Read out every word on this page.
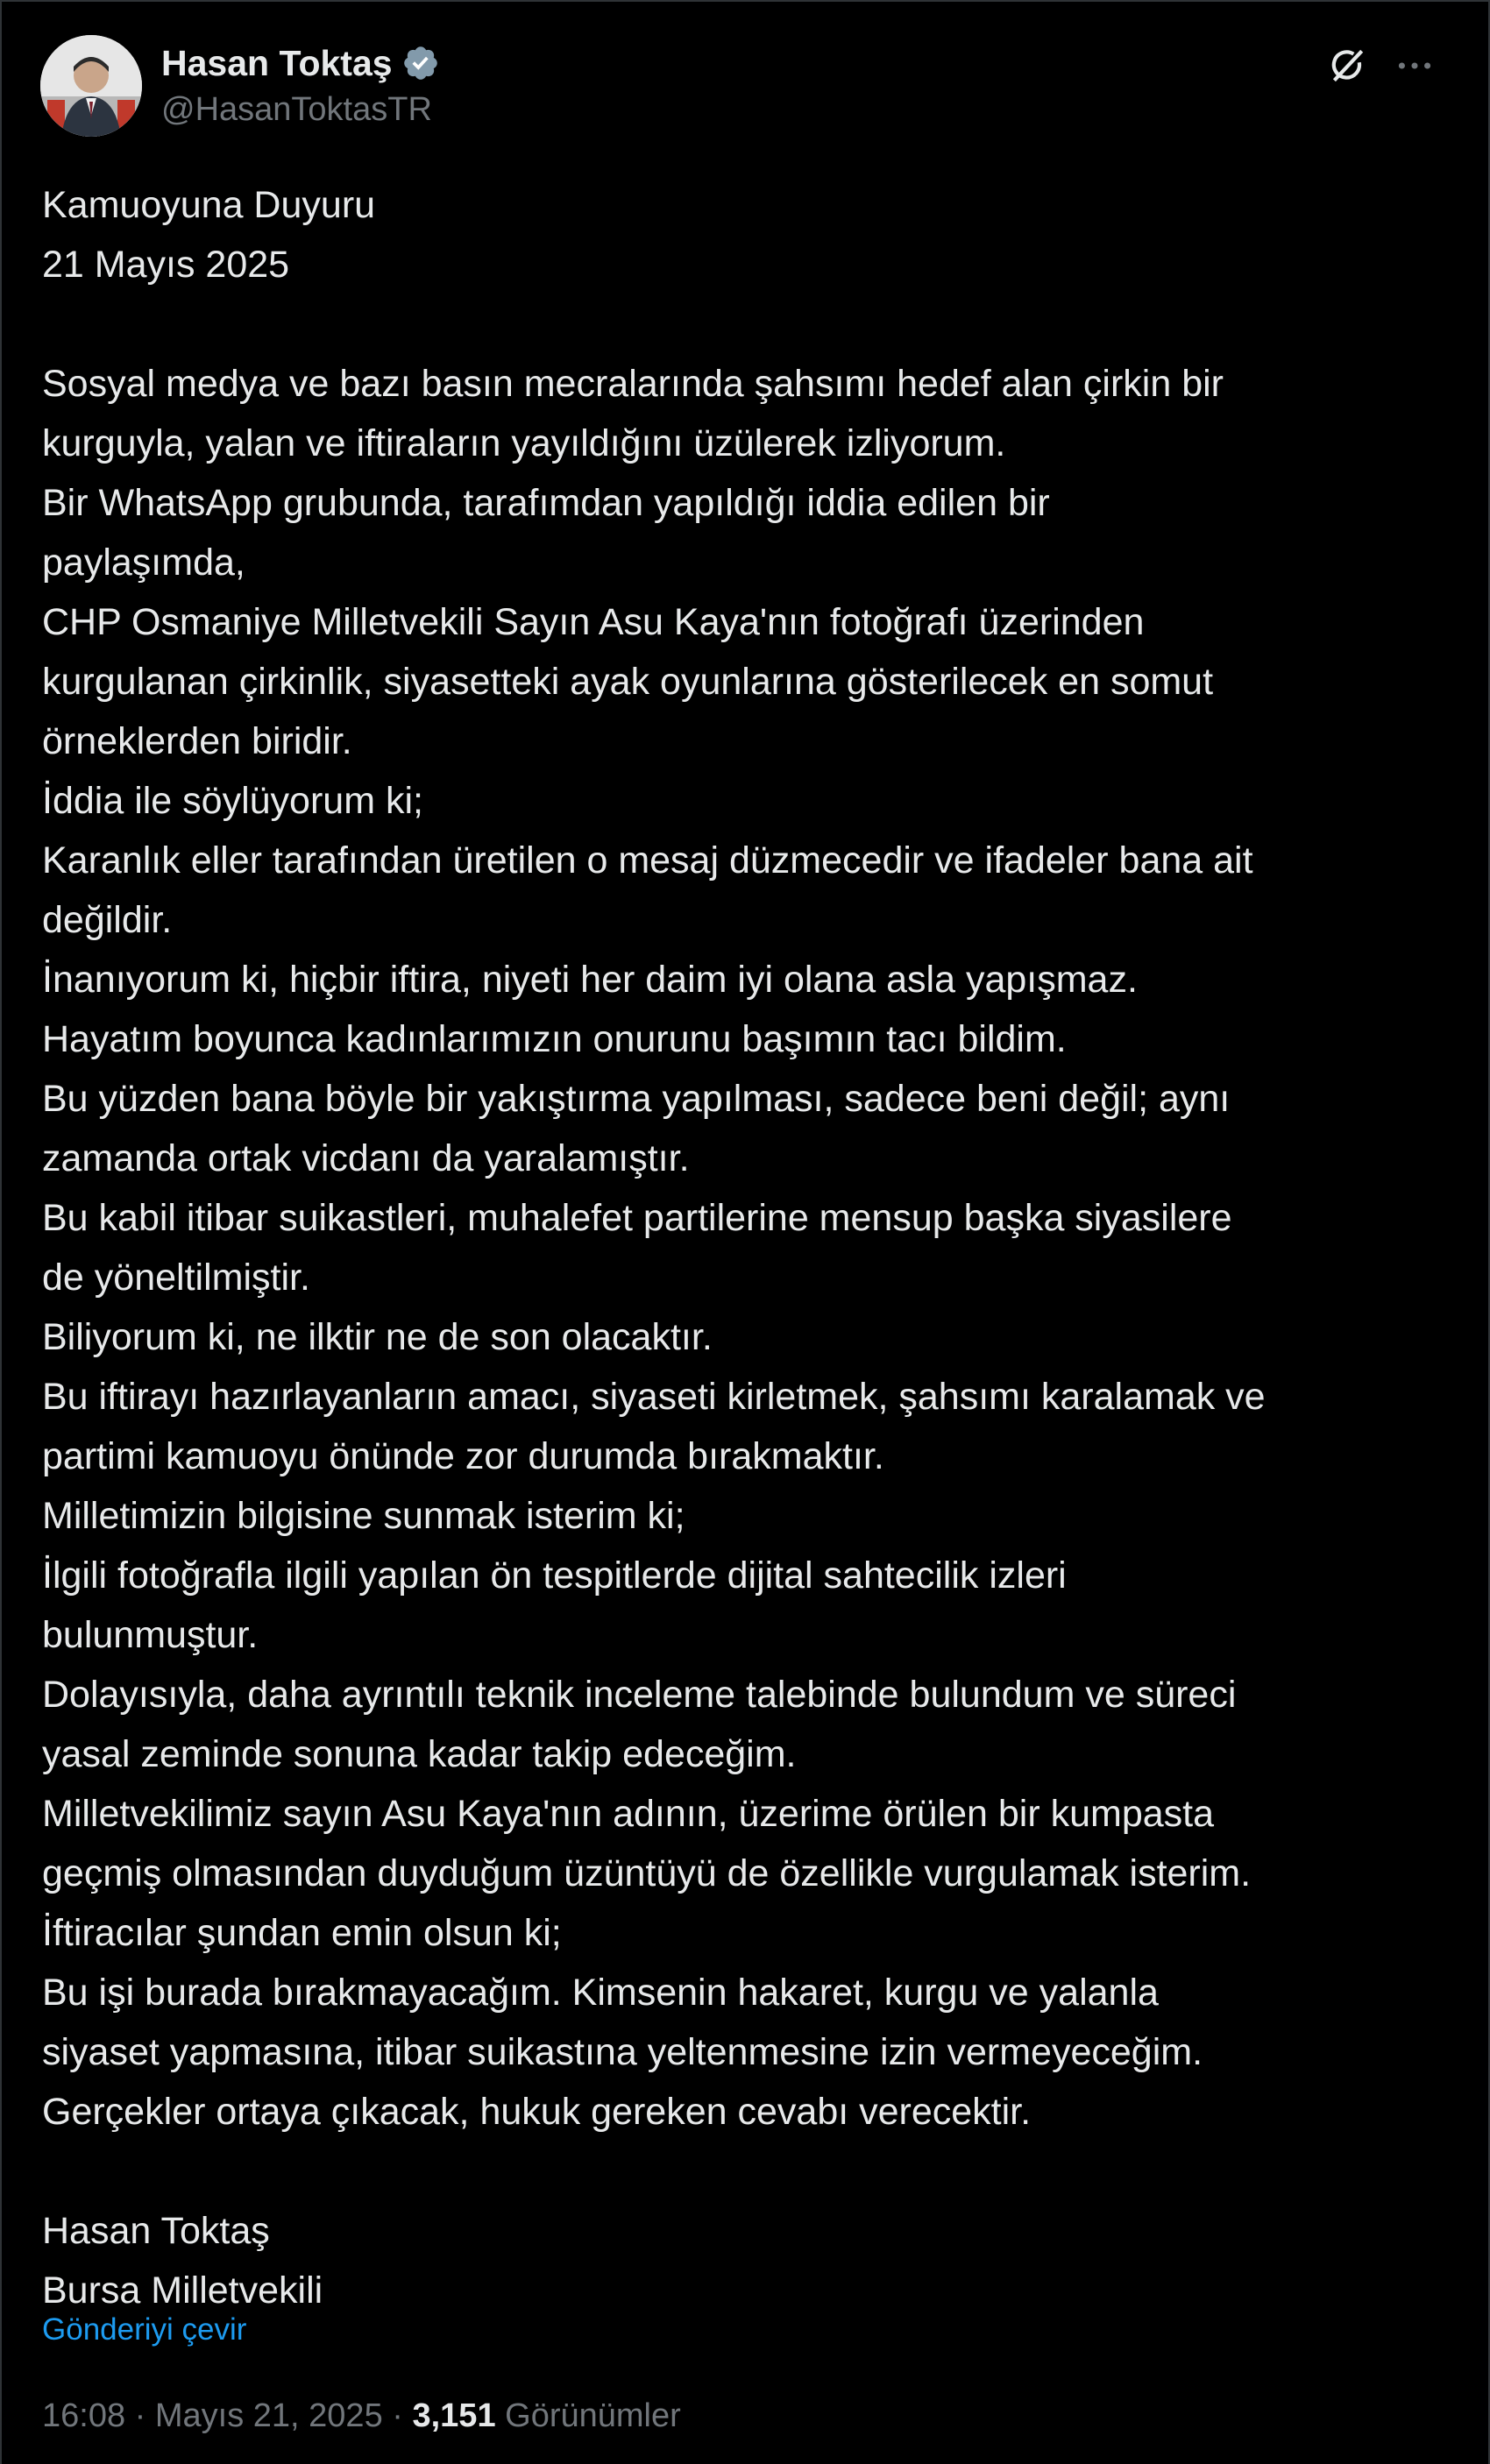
Hasan Toktaş
@HasanToktasTR
Kamuoyuna Duyuru
21 Mayıs 2025
Sosyal medya ve bazı basın mecralarında şahsımı hedef alan çirkin bir
kurguyla, yalan ve iftiraların yayıldığını üzülerek izliyorum.
Bir WhatsApp grubunda, tarafımdan yapıldığı iddia edilen bir
paylaşımda,
CHP Osmaniye Milletvekili Sayın Asu Kaya'nın fotoğrafı üzerinden
kurgulanan çirkinlik, siyasetteki ayak oyunlarına gösterilecek en somut
örneklerden biridir.
İddia ile söylüyorum ki;
Karanlık eller tarafından üretilen o mesaj düzmecedir ve ifadeler bana ait
değildir.
İnanıyorum ki, hiçbir iftira, niyeti her daim iyi olana asla yapışmaz.
Hayatım boyunca kadınlarımızın onurunu başımın tacı bildim.
Bu yüzden bana böyle bir yakıştırma yapılması, sadece beni değil; aynı
zamanda ortak vicdanı da yaralamıştır.
Bu kabil itibar suikastleri, muhalefet partilerine mensup başka siyasilere
de yöneltilmiştir.
Biliyorum ki, ne ilktir ne de son olacaktır.
Bu iftirayı hazırlayanların amacı, siyaseti kirletmek, şahsımı karalamak ve
partimi kamuoyu önünde zor durumda bırakmaktır.
Milletimizin bilgisine sunmak isterim ki;
İlgili fotoğrafla ilgili yapılan ön tespitlerde dijital sahtecilik izleri
bulunmuştur.
Dolayısıyla, daha ayrıntılı teknik inceleme talebinde bulundum ve süreci
yasal zeminde sonuna kadar takip edeceğim.
Milletvekilimiz sayın Asu Kaya'nın adının, üzerime örülen bir kumpasta
geçmiş olmasından duyduğum üzüntüyü de özellikle vurgulamak isterim.
İftiracılar şundan emin olsun ki;
Bu işi burada bırakmayacağım. Kimsenin hakaret, kurgu ve yalanla
siyaset yapmasına, itibar suikastına yeltenmesine izin vermeyeceğim.
Gerçekler ortaya çıkacak, hukuk gereken cevabı verecektir.
Hasan Toktaş
Bursa Milletvekili
Gönderiyi çevir
16:08 · Mayıs 21, 2025 · 3,151 Görünümler
